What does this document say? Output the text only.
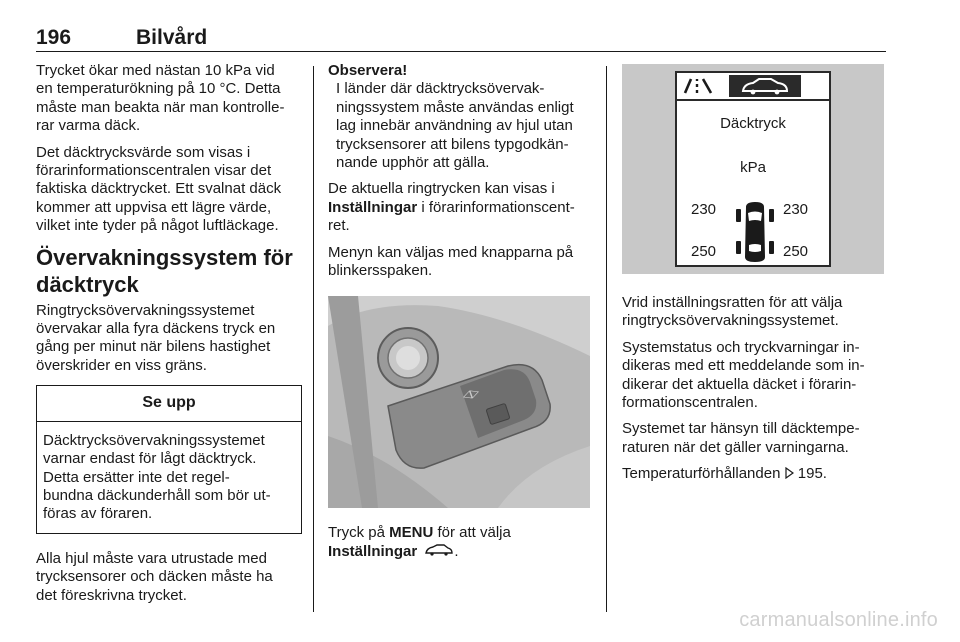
196	Bilvård

Trycket ökar med nästan 10 kPa vid
en temperaturökning på 10 °C. Detta
måste man beakta när man kontrolle-
rar varma däck.

Det däcktrycksvärde som visas i
förarinformationscentralen visar det
faktiska däcktrycket. Ett svalnat däck
kommer att uppvisa ett lägre värde,
vilket inte tyder på något luftläckage.

Övervakningssystem för
däcktryck

Ringtrycksövervakningssystemet
övervakar alla fyra däckens tryck en
gång per minut när bilens hastighet
överskrider en viss gräns.

Se upp
Däcktrycksövervakningssystemet
varnar endast för lågt däcktryck.
Detta ersätter inte det regel-
bundna däckunderhåll som bör ut-
föras av föraren.

Alla hjul måste vara utrustade med
trycksensorer och däcken måste ha
det föreskrivna trycket.

Observera!
I länder där däcktrycksövervak-
ningssystem måste användas enligt
lag innebär användning av hjul utan
trycksensorer att bilens typgodkän-
nande upphör att gälla.

De aktuella ringtrycken kan visas i
Inställningar i förarinformationscent-
ret.

Menyn kan väljas med knapparna på
blinkersspaken.

◁▷

Tryck på MENU för att välja
Inställningar .

Däcktryck
kPa
230	230
250	250

Vrid inställningsratten för att välja
ringtrycksövervakningssystemet.

Systemstatus och tryckvarningar in-
dikeras med ett meddelande som in-
dikerar det aktuella däcket i förarin-
formationscentralen.

Systemet tar hänsyn till däcktempe-
raturen när det gäller varningarna.

Temperaturförhållanden  195.

carmanualsonline.info
